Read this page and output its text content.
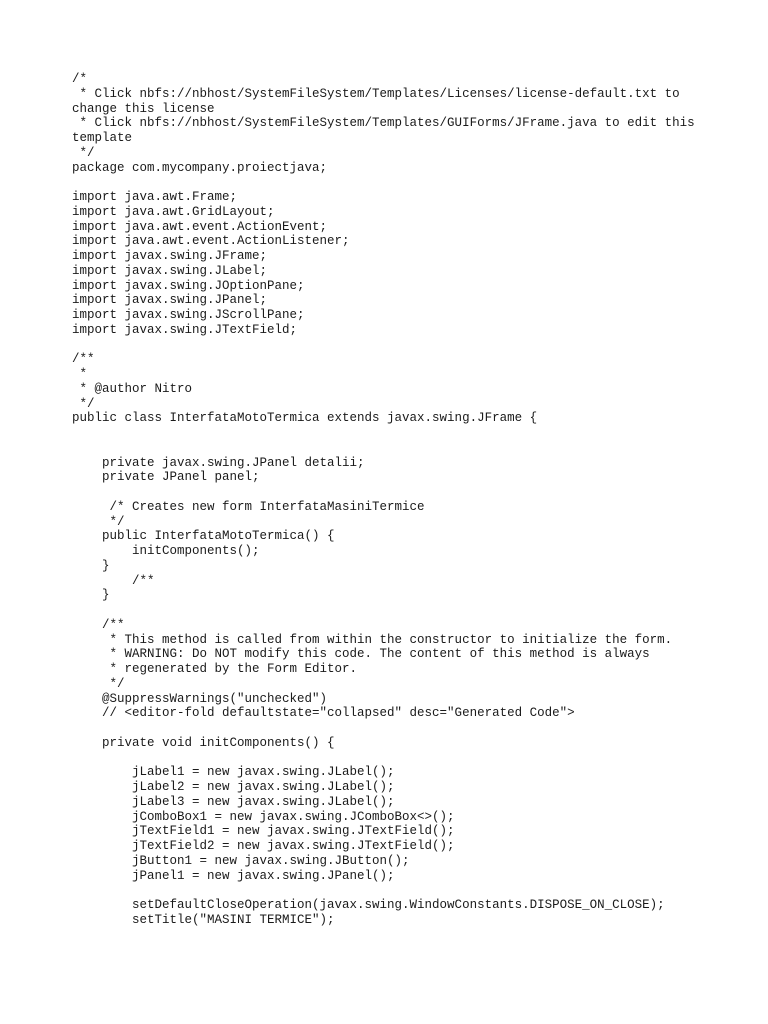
/*
* Click nbfs://nbhost/SystemFileSystem/Templates/Licenses/license-default.txt to
change this license
* Click nbfs://nbhost/SystemFileSystem/Templates/GUIForms/JFrame.java to edit this
template
*/
package com.mycompany.proiectjava;
import java.awt.Frame;
import java.awt.GridLayout;
import java.awt.event.ActionEvent;
import java.awt.event.ActionListener;
import javax.swing.JFrame;
import javax.swing.JLabel;
import javax.swing.JOptionPane;
import javax.swing.JPanel;
import javax.swing.JScrollPane;
import javax.swing.JTextField;
/**
*
* @author Nitro
*/
public class InterfataMotoTermica extends javax.swing.JFrame {
private javax.swing.JPanel detalii;
private JPanel panel;
/* Creates new form InterfataMasiniTermice
*/
public InterfataMotoTermica() {
initComponents();
}
/**
}
/**
* This method is called from within the constructor to initialize the form.
* WARNING: Do NOT modify this code. The content of this method is always
* regenerated by the Form Editor.
*/
@SuppressWarnings("unchecked")
// <editor-fold defaultstate="collapsed" desc="Generated Code">
private void initComponents() {
jLabel1 = new javax.swing.JLabel();
jLabel2 = new javax.swing.JLabel();
jLabel3 = new javax.swing.JLabel();
jComboBox1 = new javax.swing.JComboBox<>();
jTextField1 = new javax.swing.JTextField();
jTextField2 = new javax.swing.JTextField();
jButton1 = new javax.swing.JButton();
jPanel1 = new javax.swing.JPanel();
setDefaultCloseOperation(javax.swing.WindowConstants.DISPOSE_ON_CLOSE);
setTitle("MASINI TERMICE");
